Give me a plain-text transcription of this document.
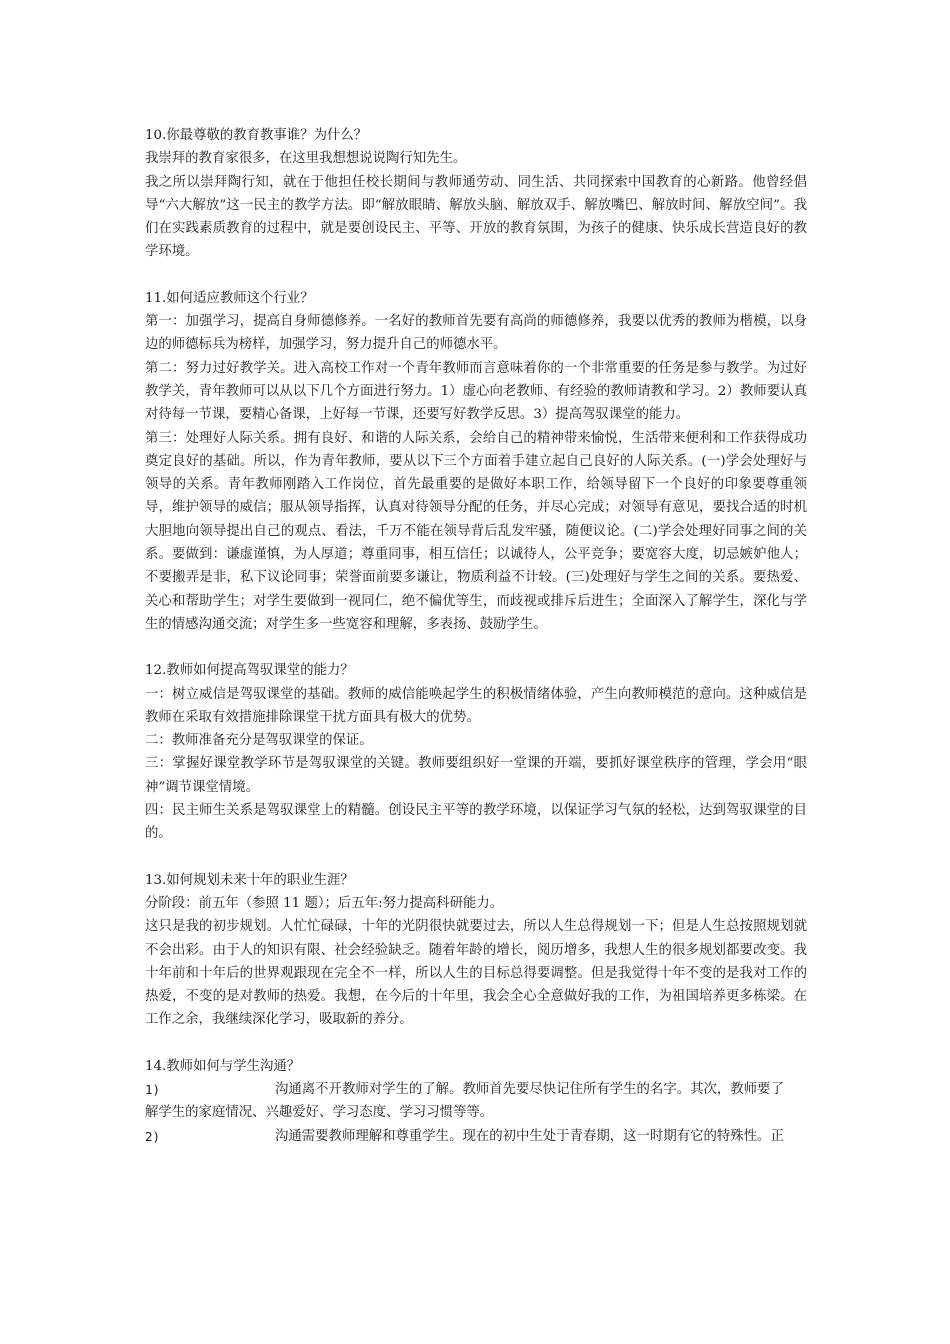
10.你最尊敬的教育教事谁？为什么？

我崇拜的教育家很多，在这里我想想说说陶行知先生。

我之所以崇拜陶行知，就在于他担任校长期间与教师通劳动、同生活、共同探索中国教育的心新路。他曾经倡导“六大解放”这一民主的教学方法。即“解放眼睛、解放头脑、解放双手、解放嘴巴、解放时间、解放空间”。我们在实践素质教育的过程中，就是要创设民主、平等、开放的教育氛围，为孩子的健康、快乐成长营造良好的教学环境。

11.如何适应教师这个行业？

第一：加强学习，提高自身师德修养。一名好的教师首先要有高尚的师德修养，我要以优秀的教师为楷模，以身边的师德标兵为榜样，加强学习，努力提升自己的师德水平。

第二：努力过好教学关。进入高校工作对一个青年教师而言意味着你的一个非常重要的任务是参与教学。为过好教学关，青年教师可以从以下几个方面进行努力。1）虚心向老教师、有经验的教师请教和学习。2）教师要认真对待每一节课，要精心备课，上好每一节课，还要写好教学反思。3）提高驾驭课堂的能力。

第三：处理好人际关系。拥有良好、和谐的人际关系，会给自己的精神带来愉悦，生活带来便利和工作获得成功奠定良好的基础。所以，作为青年教师，要从以下三个方面着手建立起自己良好的人际关系。(一)学会处理好与领导的关系。青年教师刚踏入工作岗位，首先最重要的是做好本职工作，给领导留下一个良好的印象要尊重领导，维护领导的威信；服从领导指挥，认真对待领导分配的任务，并尽心完成；对领导有意见，要找合适的时机大胆地向领导提出自己的观点、看法，千万不能在领导背后乱发牢骚，随便议论。(二)学会处理好同事之间的关系。要做到：谦虚谨慎，为人厚道；尊重同事，相互信任；以诚待人，公平竞争；要宽容大度，切忌嫉妒他人；不要搬弄是非，私下议论同事；荣誉面前要多谦让，物质利益不计较。(三)处理好与学生之间的关系。要热爱、关心和帮助学生；对学生要做到一视同仁，绝不偏优等生，而歧视或排斥后进生；全面深入了解学生，深化与学生的情感沟通交流；对学生多一些宽容和理解，多表扬、鼓励学生。

12.教师如何提高驾驭课堂的能力？

一：树立威信是驾驭课堂的基础。教师的威信能唤起学生的积极情绪体验，产生向教师模范的意向。这种威信是教师在采取有效措施排除课堂干扰方面具有极大的优势。

二：教师准备充分是驾驭课堂的保证。

三：掌握好课堂教学环节是驾驭课堂的关键。教师要组织好一堂课的开端，要抓好课堂秩序的管理，学会用“眼神”调节课堂情境。

四：民主师生关系是驾驭课堂上的精髓。创设民主平等的教学环境，以保证学习气氛的轻松，达到驾驭课堂的目的。

13.如何规划未来十年的职业生涯？

分阶段：前五年（参照 11 题）；后五年:努力提高科研能力。

这只是我的初步规划。人忙忙碌碌，十年的光阴很快就要过去，所以人生总得规划一下；但是人生总按照规划就不会出彩。由于人的知识有限、社会经验缺乏。随着年龄的增长，阅历增多，我想人生的很多规划都要改变。我十年前和十年后的世界观跟现在完全不一样，所以人生的目标总得要调整。但是我觉得十年不变的是我对工作的热爱，不变的是对教师的热爱。我想，在今后的十年里，我会全心全意做好我的工作，为祖国培养更多栋梁。在工作之余，我继续深化学习，吸取新的养分。

14.教师如何与学生沟通？

1)	沟通离不开教师对学生的了解。教师首先要尽快记住所有学生的名字。其次，教师要了

解学生的家庭情况、兴趣爱好、学习态度、学习习惯等等。

2)	沟通需要教师理解和尊重学生。现在的初中生处于青春期，这一时期有它的特殊性。正
